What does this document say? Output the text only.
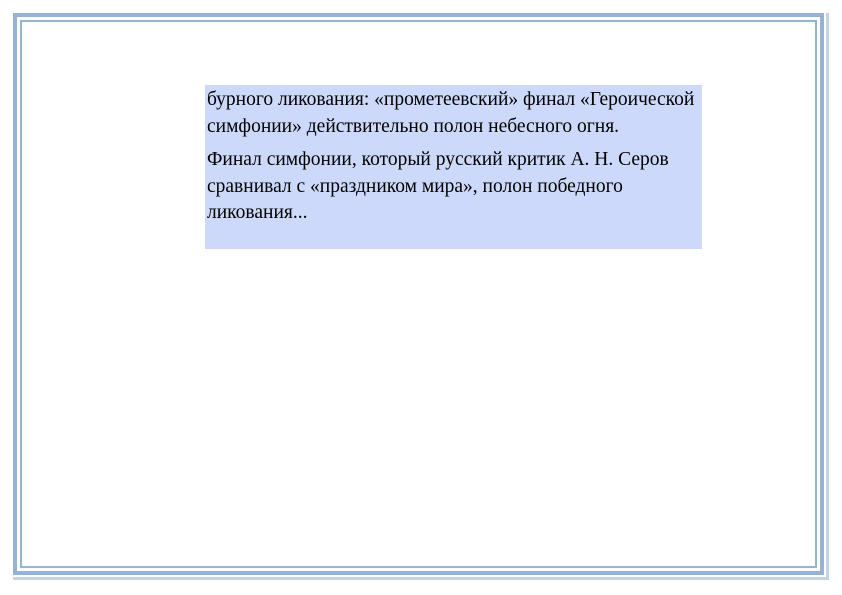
бурного ликования: «прометеевский» финал «Героической симфонии» действительно полон небесного огня.

Финал симфонии, который русский критик А. Н. Серов сравнивал с «праздником мира», полон победного ликования...
